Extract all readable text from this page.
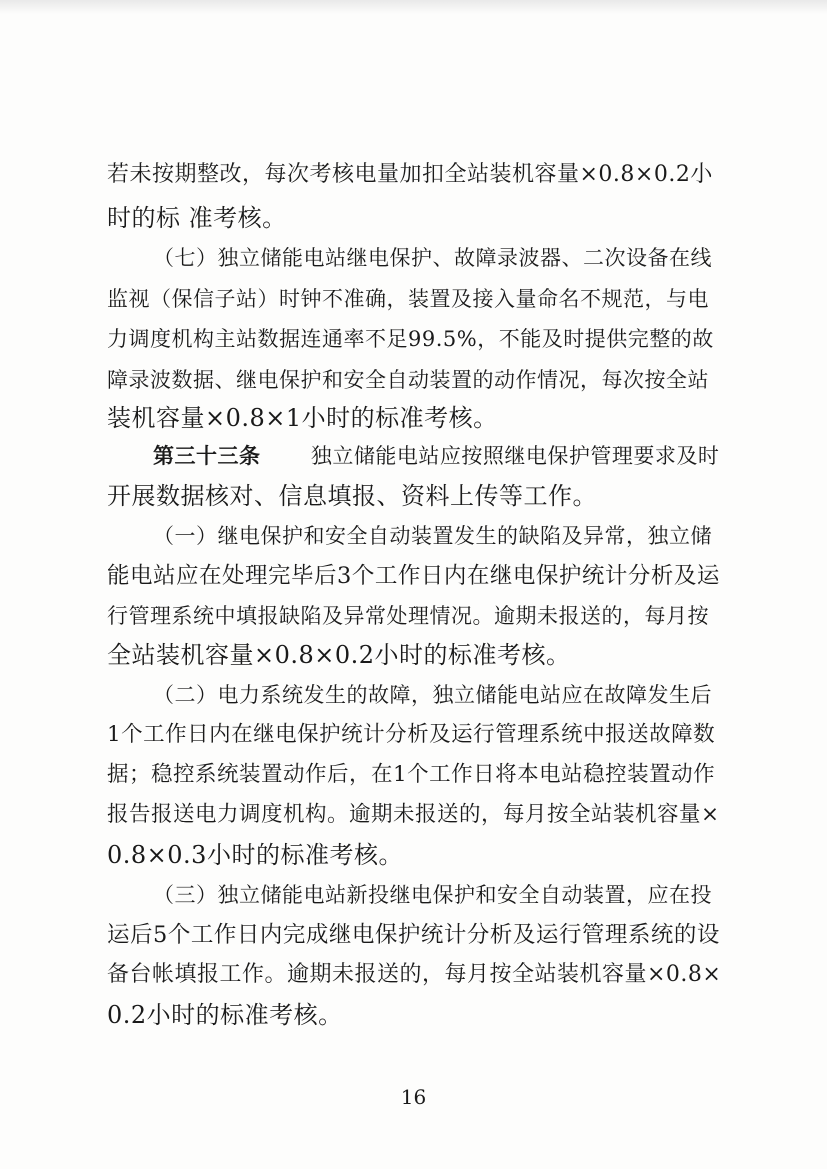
若未按期整改，每次考核电量加扣全站装机容量×0.8×0.2小
时的标 准考核。
（七）独立储能电站继电保护、故障录波器、二次设备在线
监视（保信子站）时钟不准确，装置及接入量命名不规范，与电
力调度机构主站数据连通率不足99.5%，不能及时提供完整的故
障录波数据、继电保护和安全自动装置的动作情况，每次按全站
装机容量×0.8×1小时的标准考核。
第三十三条 独立储能电站应按照继电保护管理要求及时
开展数据核对、信息填报、资料上传等工作。
（一）继电保护和安全自动装置发生的缺陷及异常，独立储
能电站应在处理完毕后3个工作日内在继电保护统计分析及运
行管理系统中填报缺陷及异常处理情况。逾期未报送的，每月按
全站装机容量×0.8×0.2小时的标准考核。
（二）电力系统发生的故障，独立储能电站应在故障发生后
1个工作日内在继电保护统计分析及运行管理系统中报送故障数
据；稳控系统装置动作后，在1个工作日将本电站稳控装置动作
报告报送电力调度机构。逾期未报送的，每月按全站装机容量×
0.8×0.3小时的标准考核。
（三）独立储能电站新投继电保护和安全自动装置，应在投
运后5个工作日内完成继电保护统计分析及运行管理系统的设
备台帐填报工作。逾期未报送的，每月按全站装机容量×0.8×
0.2小时的标准考核。
16
